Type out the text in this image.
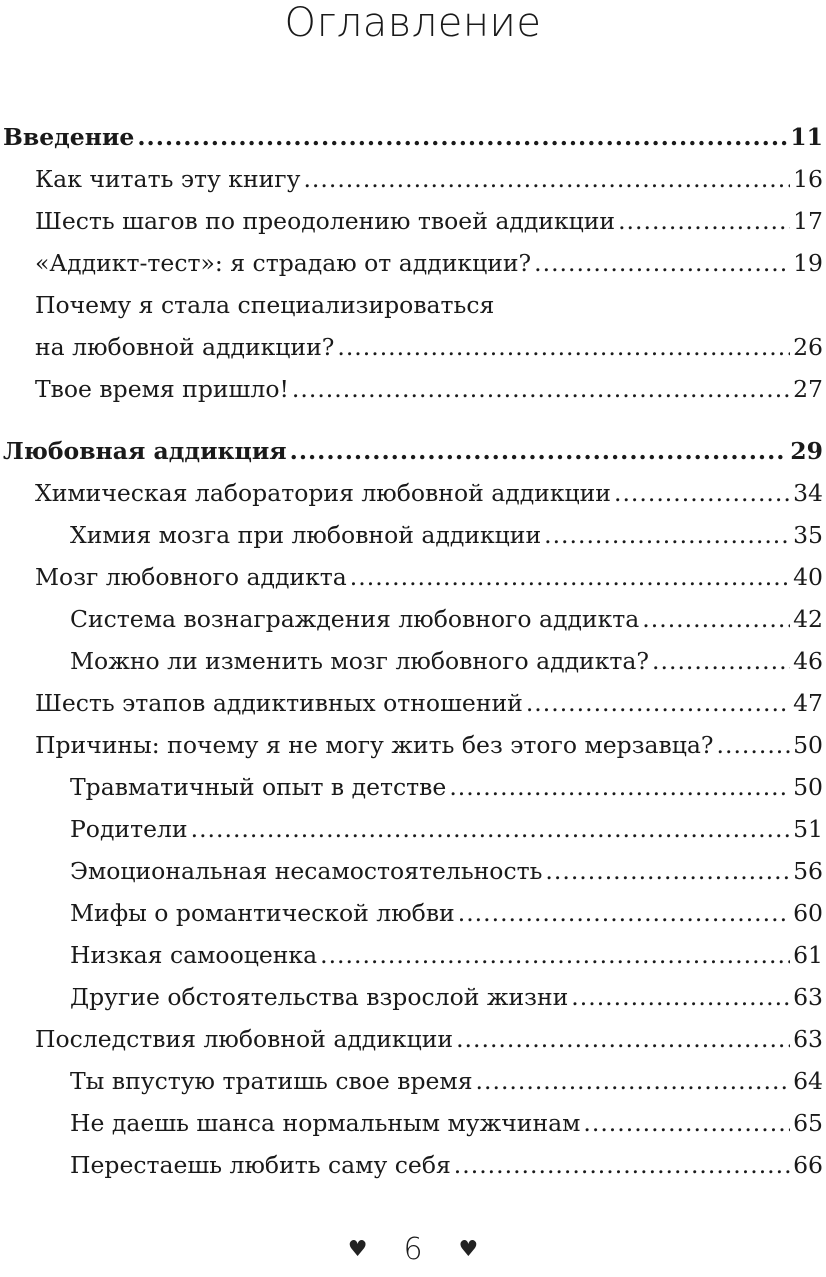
Оглавление
Введение .....	11
Как читать эту книгу .....	16
Шесть шагов по преодолению твоей аддикции .....	17
«Аддикт-тест»: я страдаю от аддикции? .....	19
Почему я стала специализироваться
на любовной аддикции? .....	26
Твое время пришло! .....	27
Любовная аддикция .....	29
Химическая лаборатория любовной аддикции .....	34
Химия мозга при любовной аддикции .....	35
Мозг любовного аддикта .....	40
Система вознаграждения любовного аддикта .....	42
Можно ли изменить мозг любовного аддикта? .....	46
Шесть этапов аддиктивных отношений .....	47
Причины: почему я не могу жить без этого мерзавца? .....	50
Травматичный опыт в детстве .....	50
Родители .....	51
Эмоциональная несамостоятельность .....	56
Мифы о романтической любви .....	60
Низкая самооценка .....	61
Другие обстоятельства взрослой жизни .....	63
Последствия любовной аддикции .....	63
Ты впустую тратишь свое время .....	64
Не даешь шанса нормальным мужчинам .....	65
Перестаешь любить саму себя .....	66
♥ 6 ♥
